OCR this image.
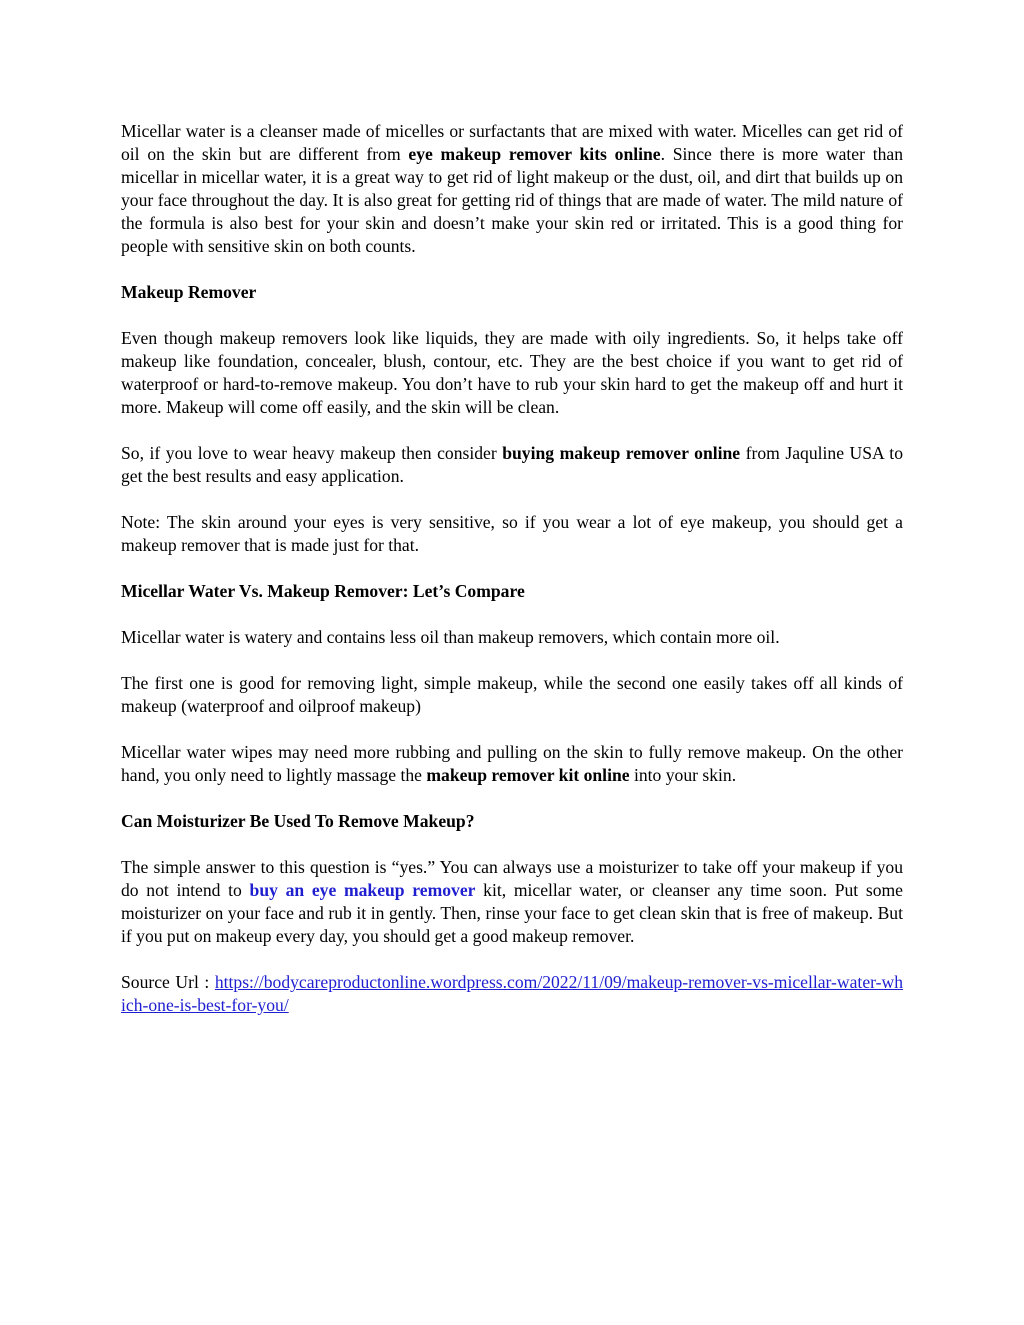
Micellar water is a cleanser made of micelles or surfactants that are mixed with water. Micelles can get rid of oil on the skin but are different from eye makeup remover kits online. Since there is more water than micellar in micellar water, it is a great way to get rid of light makeup or the dust, oil, and dirt that builds up on your face throughout the day. It is also great for getting rid of things that are made of water. The mild nature of the formula is also best for your skin and doesn’t make your skin red or irritated. This is a good thing for people with sensitive skin on both counts.

Makeup Remover

Even though makeup removers look like liquids, they are made with oily ingredients. So, it helps take off makeup like foundation, concealer, blush, contour, etc. They are the best choice if you want to get rid of waterproof or hard-to-remove makeup. You don’t have to rub your skin hard to get the makeup off and hurt it more. Makeup will come off easily, and the skin will be clean.

So, if you love to wear heavy makeup then consider buying makeup remover online from Jaquline USA to get the best results and easy application.

Note: The skin around your eyes is very sensitive, so if you wear a lot of eye makeup, you should get a makeup remover that is made just for that.

Micellar Water Vs. Makeup Remover: Let’s Compare

Micellar water is watery and contains less oil than makeup removers, which contain more oil.

The first one is good for removing light, simple makeup, while the second one easily takes off all kinds of makeup (waterproof and oilproof makeup)

Micellar water wipes may need more rubbing and pulling on the skin to fully remove makeup. On the other hand, you only need to lightly massage the makeup remover kit online into your skin.

Can Moisturizer Be Used To Remove Makeup?

The simple answer to this question is “yes.” You can always use a moisturizer to take off your makeup if you do not intend to buy an eye makeup remover kit, micellar water, or cleanser any time soon. Put some moisturizer on your face and rub it in gently. Then, rinse your face to get clean skin that is free of makeup. But if you put on makeup every day, you should get a good makeup remover.

Source Url : https://bodycareproductonline.wordpress.com/2022/11/09/makeup-remover-vs-micellar-water-which-one-is-best-for-you/
